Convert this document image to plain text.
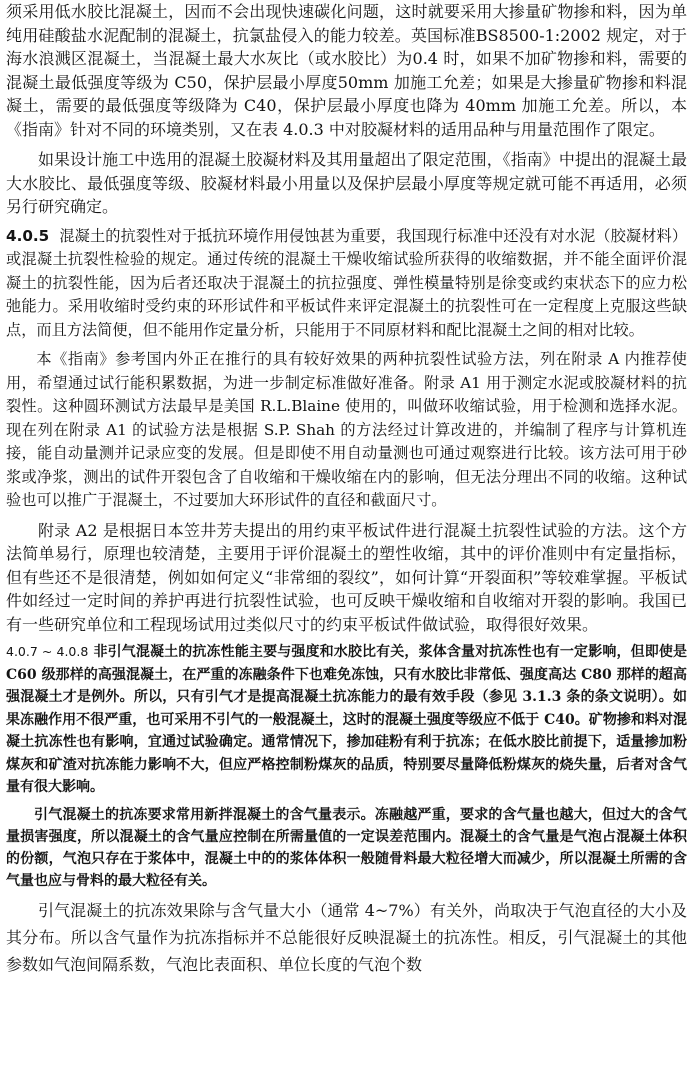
须采用低水胶比混凝土，因而不会出现快速碳化问题，这时就要采用大掺量矿物掺和料，因为单纯用硅酸盐水泥配制的混凝土，抗氯盐侵入的能力较差。英国标准BS8500-1:2002 规定，对于海水浪溅区混凝土，当混凝土最大水灰比（或水胶比）为0.4 时，如果不加矿物掺和料，需要的混凝土最低强度等级为 C50，保护层最小厚度50mm 加施工允差；如果是大掺量矿物掺和料混凝土，需要的最低强度等级降为 C40，保护层最小厚度也降为 40mm 加施工允差。所以，本《指南》针对不同的环境类别，又在表 4.0.3 中对胶凝材料的适用品种与用量范围作了限定。

如果设计施工中选用的混凝土胶凝材料及其用量超出了限定范围，《指南》中提出的混凝土最大水胶比、最低强度等级、胶凝材料最小用量以及保护层最小厚度等规定就可能不再适用，必须另行研究确定。

4.0.5 混凝土的抗裂性对于抵抗环境作用侵蚀甚为重要，我国现行标准中还没有对水泥（胶凝材料）或混凝土抗裂性检验的规定。通过传统的混凝土干燥收缩试验所获得的收缩数据，并不能全面评价混凝土的抗裂性能，因为后者还取决于混凝土的抗拉强度、弹性模量特别是徐变或约束状态下的应力松弛能力。采用收缩时受约束的环形试件和平板试件来评定混凝土的抗裂性可在一定程度上克服这些缺点，而且方法简便，但不能用作定量分析，只能用于不同原材料和配比混凝土之间的相对比较。

本《指南》参考国内外正在推行的具有较好效果的两种抗裂性试验方法，列在附录 A 内推荐使用，希望通过试行能积累数据，为进一步制定标准做好准备。附录 A1 用于测定水泥或胶凝材料的抗裂性。这种圆环测试方法最早是美国 R.L.Blaine 使用的，叫做环收缩试验，用于检测和选择水泥。现在列在附录 A1 的试验方法是根据 S.P. Shah 的方法经过计算改进的，并编制了程序与计算机连接，能自动量测并记录应变的发展。但是即使不用自动量测也可通过观察进行比较。该方法可用于砂浆或净浆，测出的试件开裂包含了自收缩和干燥收缩在内的影响，但无法分理出不同的收缩。这种试验也可以推广于混凝土，不过要加大环形试件的直径和截面尺寸。

附录 A2 是根据日本笠井芳夫提出的用约束平板试件进行混凝土抗裂性试验的方法。这个方法简单易行，原理也较清楚，主要用于评价混凝土的塑性收缩，其中的评价准则中有定量指标，但有些还不是很清楚，例如如何定义“非常细的裂纹”，如何计算“开裂面积”等较难掌握。平板试件如经过一定时间的养护再进行抗裂性试验，也可反映干燥收缩和自收缩对开裂的影响。我国已有一些研究单位和工程现场试用过类似尺寸的约束平板试件做试验，取得很好效果。

4.0.7 ~ 4.0.8 非引气混凝土的抗冻性能主要与强度和水胶比有关，浆体含量对抗冻性也有一定影响，但即使是 C60 级那样的高强混凝土，在严重的冻融条件下也难免冻蚀，只有水胶比非常低、强度高达 C80 那样的超高强混凝土才是例外。所以，只有引气才是提高混凝土抗冻能力的最有效手段（参见 3.1.3 条的条文说明）。如果冻融作用不很严重，也可采用不引气的一般混凝土，这时的混凝土强度等级应不低于 C40。矿物掺和料对混凝土抗冻性也有影响，宜通过试验确定。通常情况下，掺加硅粉有利于抗冻；在低水胶比前提下，适量掺加粉煤灰和矿渣对抗冻能力影响不大，但应严格控制粉煤灰的品质，特别要尽量降低粉煤灰的烧失量，后者对含气量有很大影响。

引气混凝土的抗冻要求常用新拌混凝土的含气量表示。冻融越严重，要求的含气量也越大，但过大的含气量损害强度，所以混凝土的含气量应控制在所需量值的一定误差范围内。混凝土的含气量是气泡占混凝土体积的份额，气泡只存在于浆体中，混凝土中的的浆体体积一般随骨料最大粒径增大而减少，所以混凝土所需的含气量也应与骨料的最大粒径有关。

引气混凝土的抗冻效果除与含气量大小（通常 4~7%）有关外，尚取决于气泡直径的大小及其分布。所以含气量作为抗冻指标并不总能很好反映混凝土的抗冻性。相反，引气混凝土的其他参数如气泡间隔系数，气泡比表面积、单位长度的气泡个数
